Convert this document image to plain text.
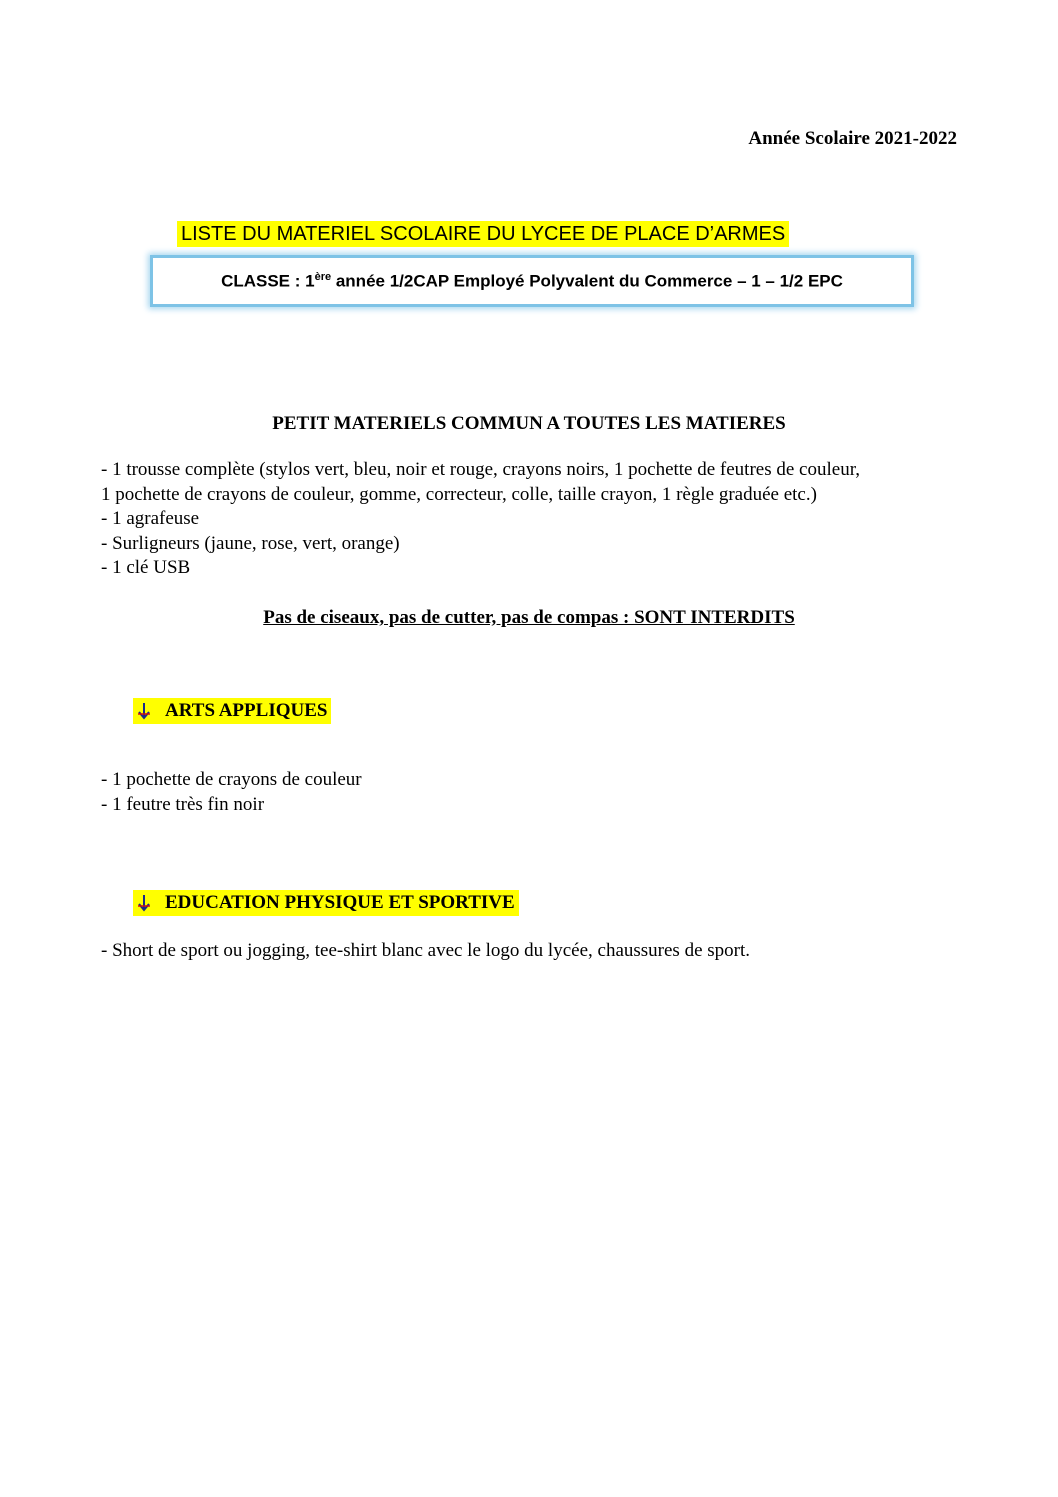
Année Scolaire 2021-2022
LISTE DU MATERIEL SCOLAIRE DU LYCEE DE PLACE D’ARMES
CLASSE : 1ère année 1/2CAP Employé Polyvalent du Commerce – 1 – 1/2 EPC
PETIT MATERIELS COMMUN A TOUTES LES MATIERES
- 1 trousse complète (stylos vert, bleu, noir et rouge, crayons noirs, 1 pochette de feutres de couleur,
1 pochette de crayons de couleur, gomme, correcteur, colle, taille crayon, 1 règle graduée etc.)
- 1 agrafeuse
- Surligneurs (jaune, rose, vert, orange)
- 1 clé USB
Pas de ciseaux, pas de cutter, pas de compas : SONT INTERDITS
ARTS APPLIQUES
- 1 pochette de crayons de couleur
- 1 feutre très fin noir
EDUCATION PHYSIQUE ET SPORTIVE
- Short de sport ou jogging, tee-shirt blanc avec le logo du lycée, chaussures de sport.
